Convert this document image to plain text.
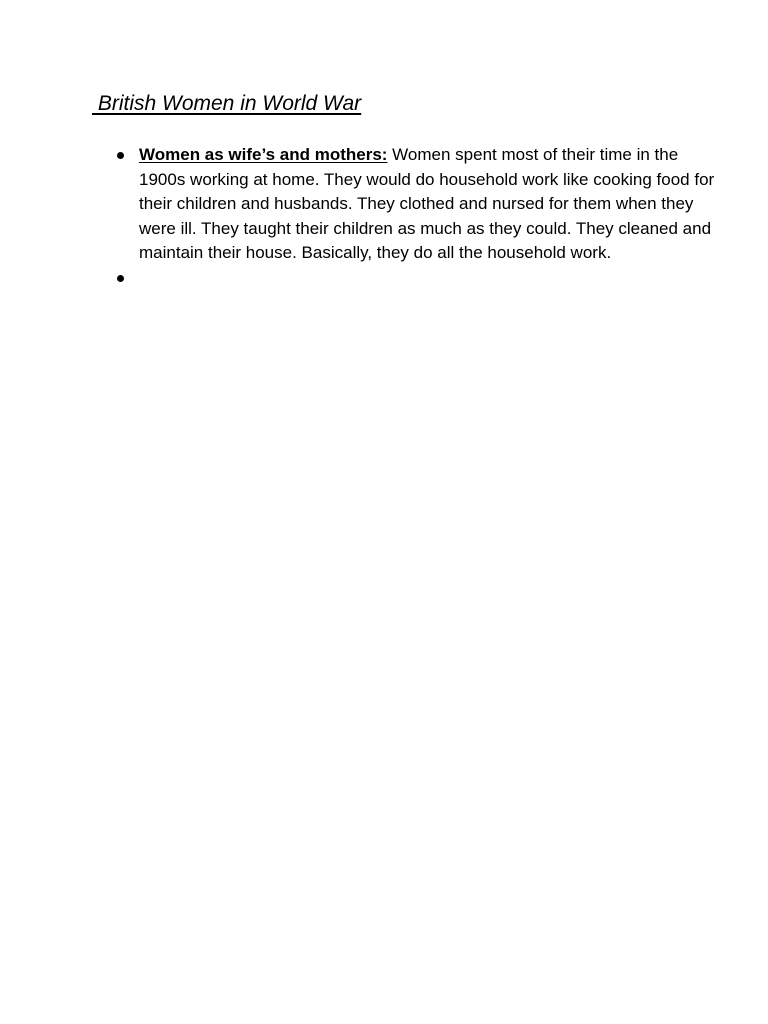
British Women in World War
Women as wife’s and mothers: Women spent most of their time in the 1900s working at home. They would do household work like cooking food for their children and husbands. They clothed and nursed for them when they were ill. They taught their children as much as they could. They cleaned and maintain their house. Basically, they do all the household work.
